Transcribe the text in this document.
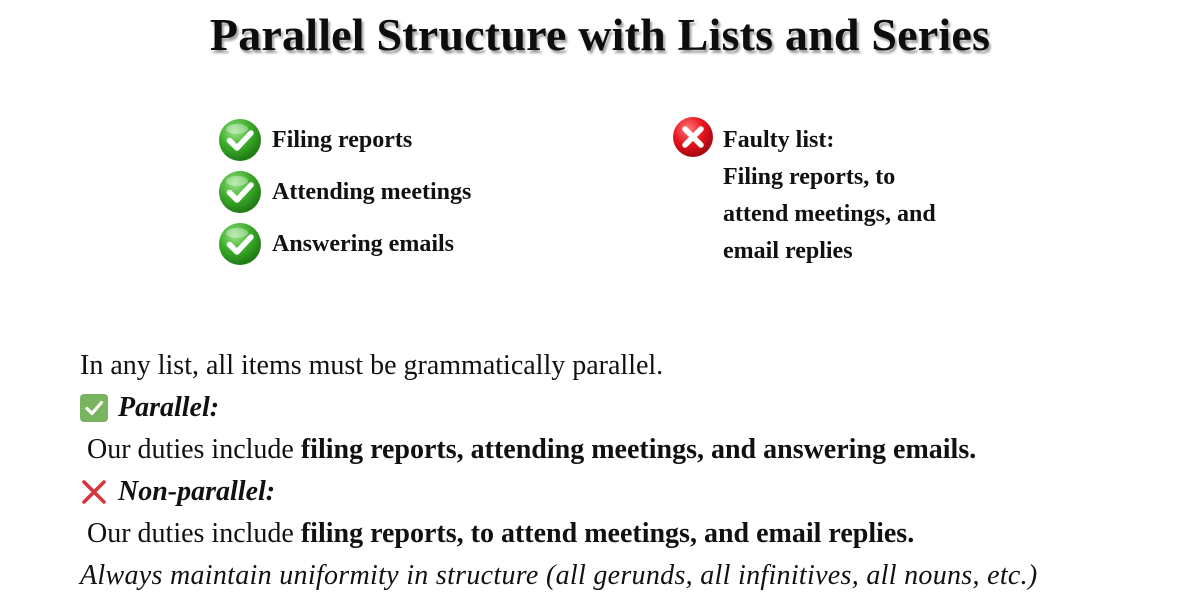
Parallel Structure with Lists and Series
Filing reports
Attending meetings
Answering emails
Faulty list:
Filing reports, to
attend meetings, and
email replies
In any list, all items must be grammatically parallel.
Parallel:
Our duties include filing reports, attending meetings, and answering emails.
Non-parallel:
Our duties include filing reports, to attend meetings, and email replies.
Always maintain uniformity in structure (all gerunds, all infinitives, all nouns, etc.)
